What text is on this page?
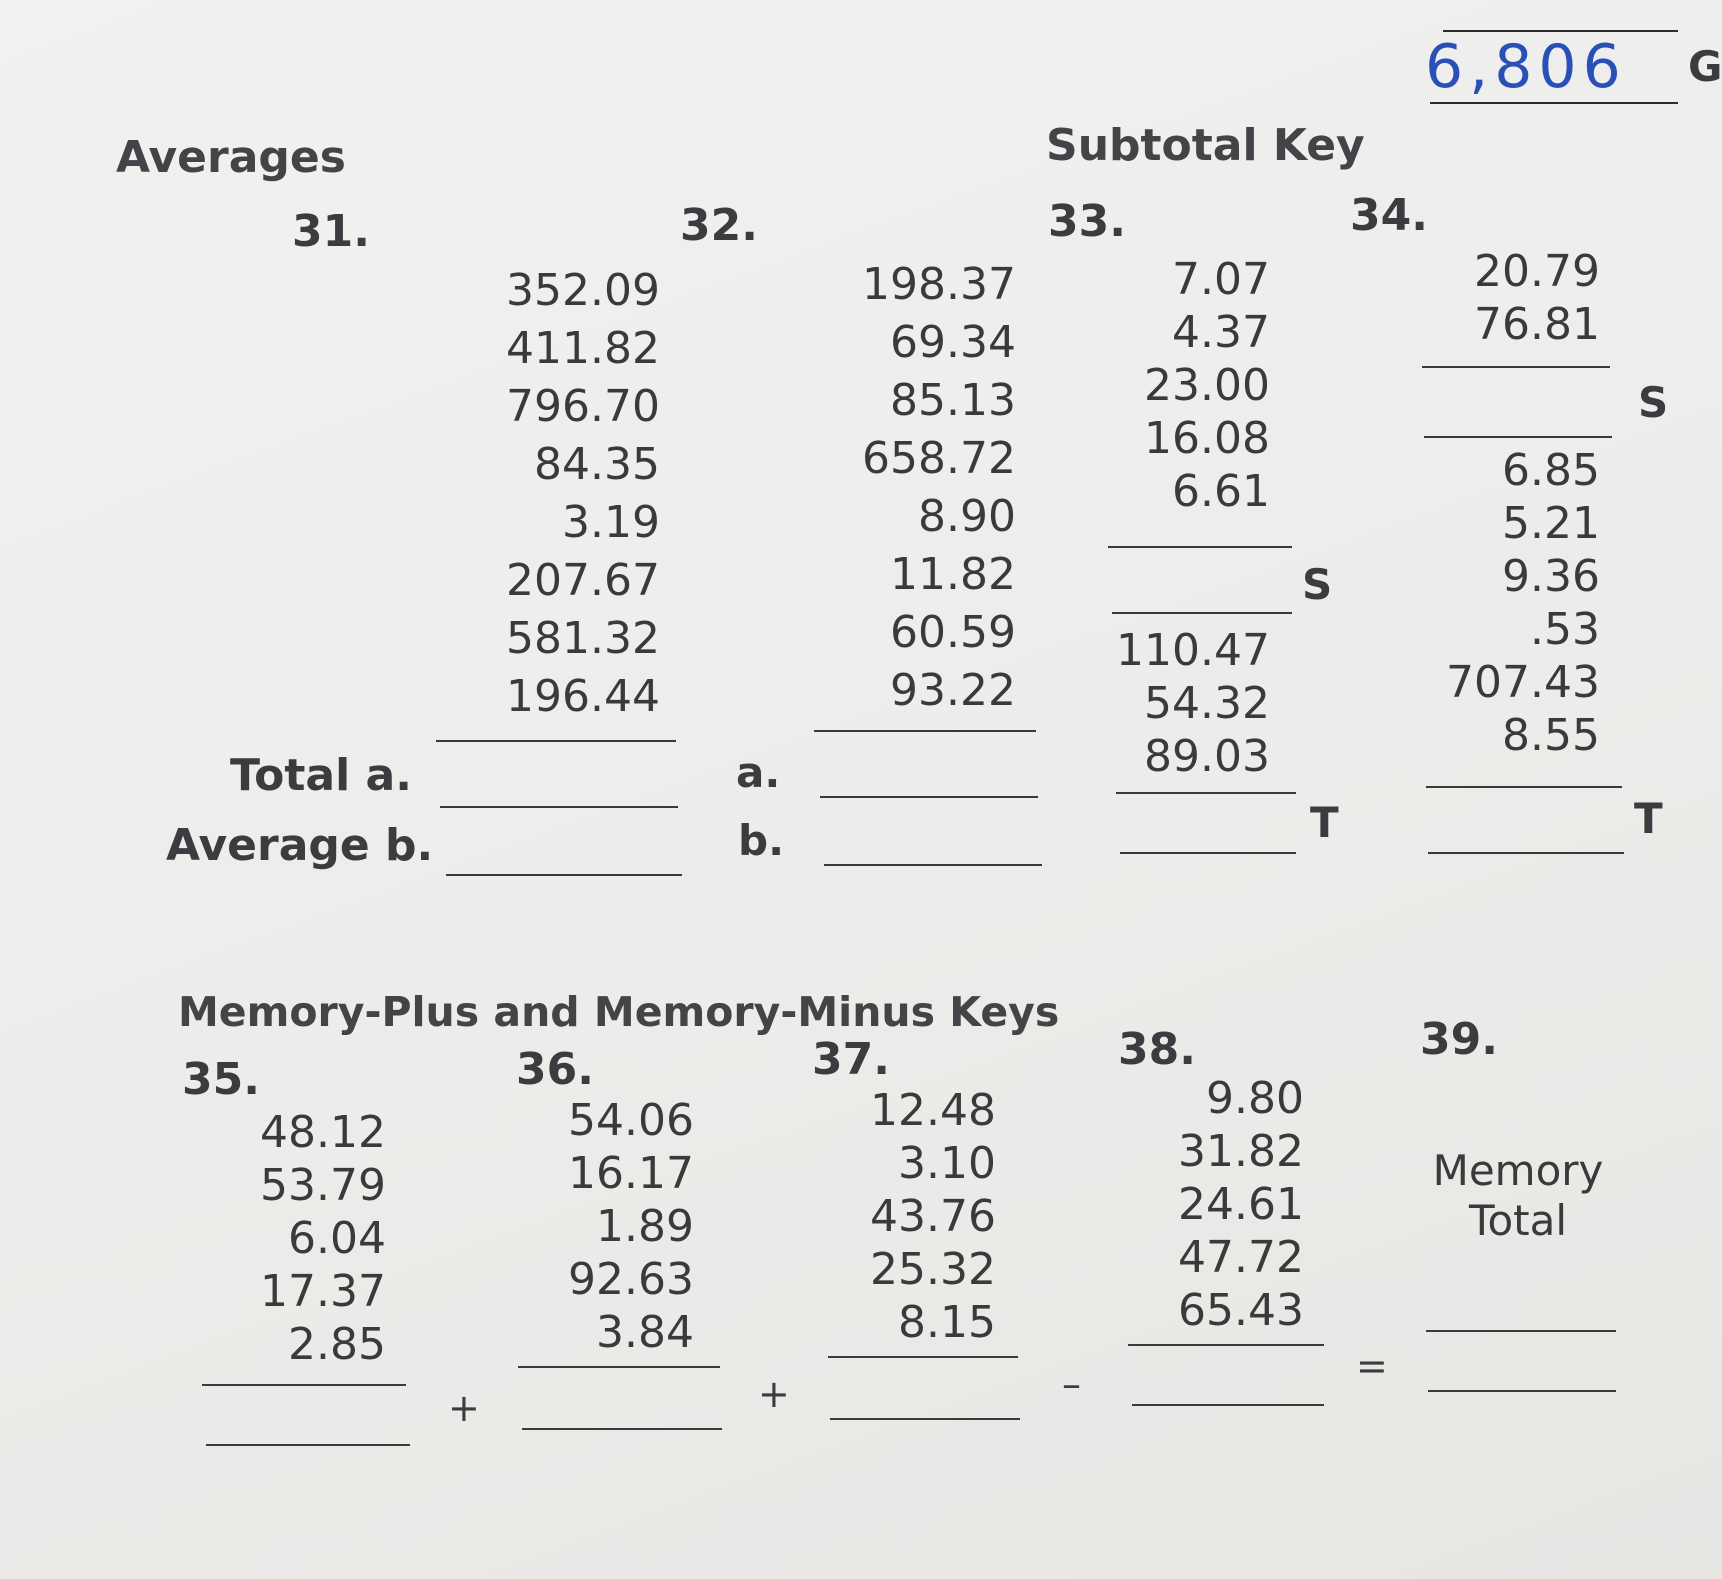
6,806 G
Averages	Subtotal Key
31.	32.	33.	34.
352.09
411.82
796.70
84.35
3.19
207.67
581.32
196.44
Total a.
Average b.
198.37
69.34
85.13
658.72
8.90
11.82
60.59
93.22
a.
b.
7.07
4.37
23.00
16.08
6.61
S
110.47
54.32
89.03
T
20.79
76.81
S
6.85
5.21
9.36
.53
707.43
8.55
T
Memory-Plus and Memory-Minus Keys
35.	36.	37.	38.	39.
48.12
53.79
6.04
17.37
2.85
+
54.06
16.17
1.89
92.63
3.84
+
12.48
3.10
43.76
25.32
8.15
–
9.80
31.82
24.61
47.72
65.43
=
Memory
Total
